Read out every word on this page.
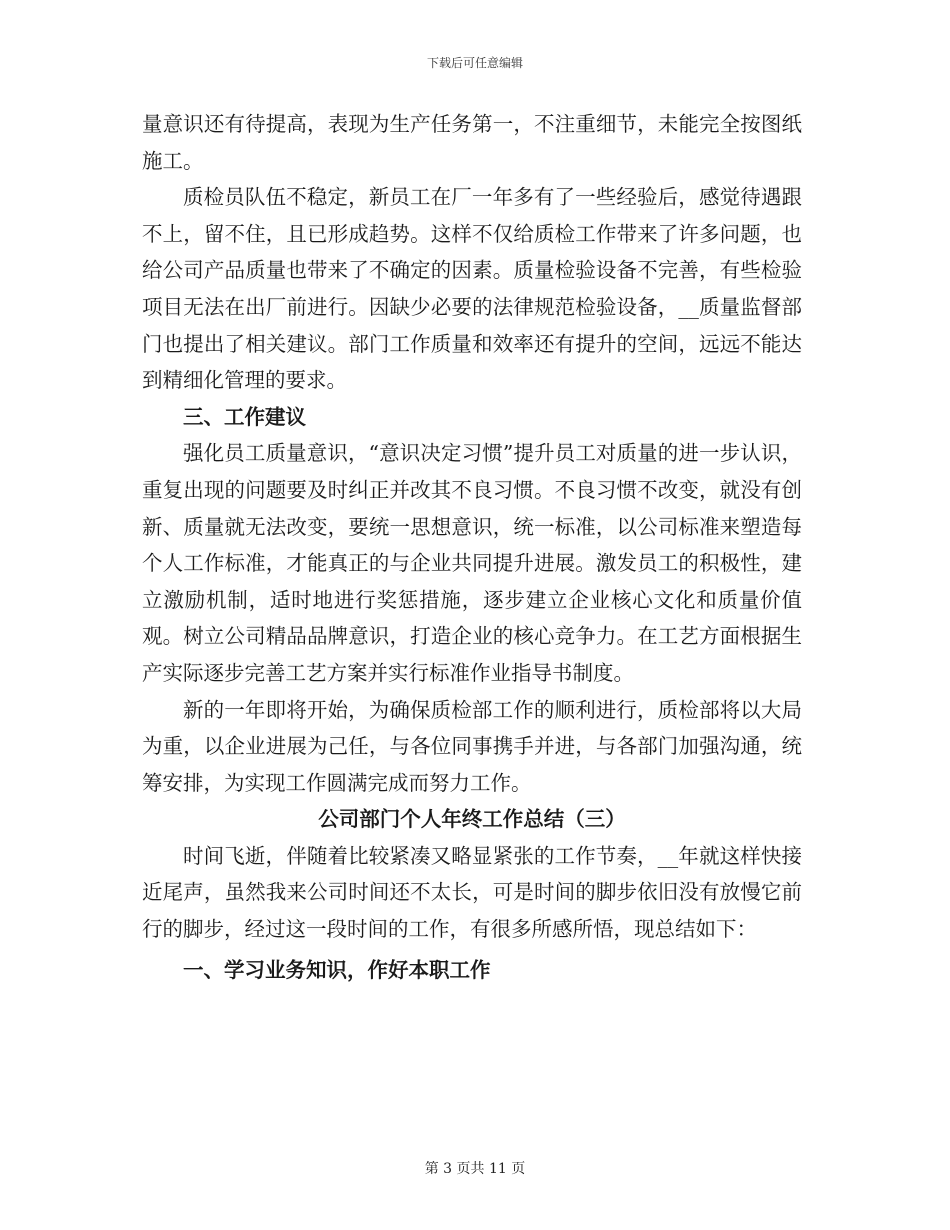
下载后可任意编辑

量意识还有待提高，表现为生产任务第一，不注重细节，未能完全按图纸施工。

质检员队伍不稳定，新员工在厂一年多有了一些经验后，感觉待遇跟不上，留不住，且已形成趋势。这样不仅给质检工作带来了许多问题，也给公司产品质量也带来了不确定的因素。质量检验设备不完善，有些检验项目无法在出厂前进行。因缺少必要的法律规范检验设备，__质量监督部门也提出了相关建议。部门工作质量和效率还有提升的空间，远远不能达到精细化管理的要求。

三、工作建议

强化员工质量意识，“意识决定习惯”提升员工对质量的进一步认识，重复出现的问题要及时纠正并改其不良习惯。不良习惯不改变，就没有创新、质量就无法改变，要统一思想意识，统一标准，以公司标准来塑造每个人工作标准，才能真正的与企业共同提升进展。激发员工的积极性，建立激励机制，适时地进行奖惩措施，逐步建立企业核心文化和质量价值观。树立公司精品品牌意识，打造企业的核心竞争力。在工艺方面根据生产实际逐步完善工艺方案并实行标准作业指导书制度。

新的一年即将开始，为确保质检部工作的顺利进行，质检部将以大局为重，以企业进展为己任，与各位同事携手并进，与各部门加强沟通，统筹安排，为实现工作圆满完成而努力工作。

公司部门个人年终工作总结（三）

时间飞逝，伴随着比较紧凑又略显紧张的工作节奏，__年就这样快接近尾声，虽然我来公司时间还不太长，可是时间的脚步依旧没有放慢它前行的脚步，经过这一段时间的工作，有很多所感所悟，现总结如下：

一、学习业务知识，作好本职工作

第 3 页共 11 页
